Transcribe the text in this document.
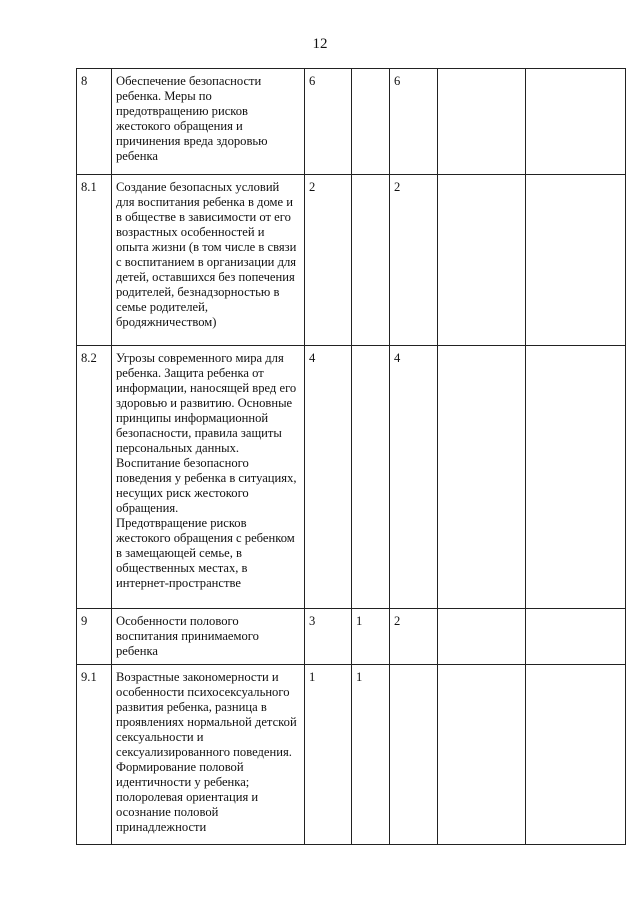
12
8	Обеспечение безопасности ребенка. Меры по предотвращению рисков жестокого обращения и причинения вреда здоровью ребенка	6		6		
8.1	Создание безопасных условий для воспитания ребенка в доме и в обществе в зависимости от его возрастных особенностей и опыта жизни (в том числе в связи с воспитанием в организации для детей, оставшихся без попечения родителей, безнадзорностью в семье родителей, бродяжничеством)	2		2		
8.2	Угрозы современного мира для ребенка. Защита ребенка от информации, наносящей вред его здоровью и развитию. Основные принципы информационной безопасности, правила защиты персональных данных.

Воспитание безопасного поведения у ребенка в ситуациях, несущих риск жестокого обращения.

Предотвращение рисков жестокого обращения с ребенком в замещающей семье, в общественных местах, в интернет-пространстве	4		4		
9	Особенности полового воспитания принимаемого ребенка	3	1	2		
9.1	Возрастные закономерности и особенности психосексуального развития ребенка, разница в проявлениях нормальной детской сексуальности и сексуализированного поведения.

Формирование половой идентичности у ребенка; полоролевая ориентация и осознание половой принадлежности	1	1			
